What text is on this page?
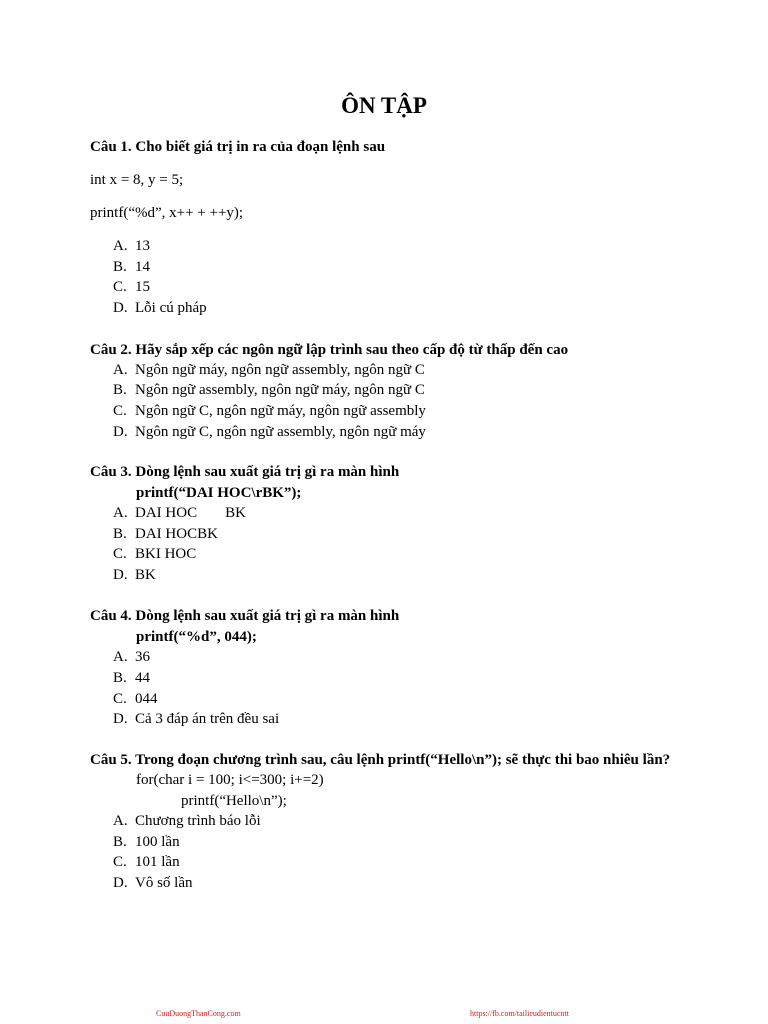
ÔN TẬP
Câu 1. Cho biết giá trị in ra của đoạn lệnh sau
int x = 8, y = 5;
printf(“%d”, x++ + ++y);
A. 13
B. 14
C. 15
D. Lỗi cú pháp
Câu 2. Hãy sắp xếp các ngôn ngữ lập trình sau theo cấp độ từ thấp đến cao
A. Ngôn ngữ máy, ngôn ngữ assembly, ngôn ngữ C
B. Ngôn ngữ assembly, ngôn ngữ máy, ngôn ngữ C
C. Ngôn ngữ C, ngôn ngữ máy, ngôn ngữ assembly
D. Ngôn ngữ C, ngôn ngữ assembly, ngôn ngữ máy
Câu 3. Dòng lệnh sau xuất giá trị gì ra màn hình
printf(“DAI HOC\rBK”);
A. DAI HOC BK
B. DAI HOCBK
C. BKI HOC
D. BK
Câu 4. Dòng lệnh sau xuất giá trị gì ra màn hình
printf(“%d”, 044);
A. 36
B. 44
C. 044
D. Cả 3 đáp án trên đều sai
Câu 5. Trong đoạn chương trình sau, câu lệnh printf(“Hello\n”); sẽ thực thi bao nhiêu lần?
for(char i = 100; i<=300; i+=2)
printf(“Hello\n”);
A. Chương trình báo lỗi
B. 100 lần
C. 101 lần
D. Vô số lần
CuuDuongThanCong.com	https://fb.com/tailieudientucntt
